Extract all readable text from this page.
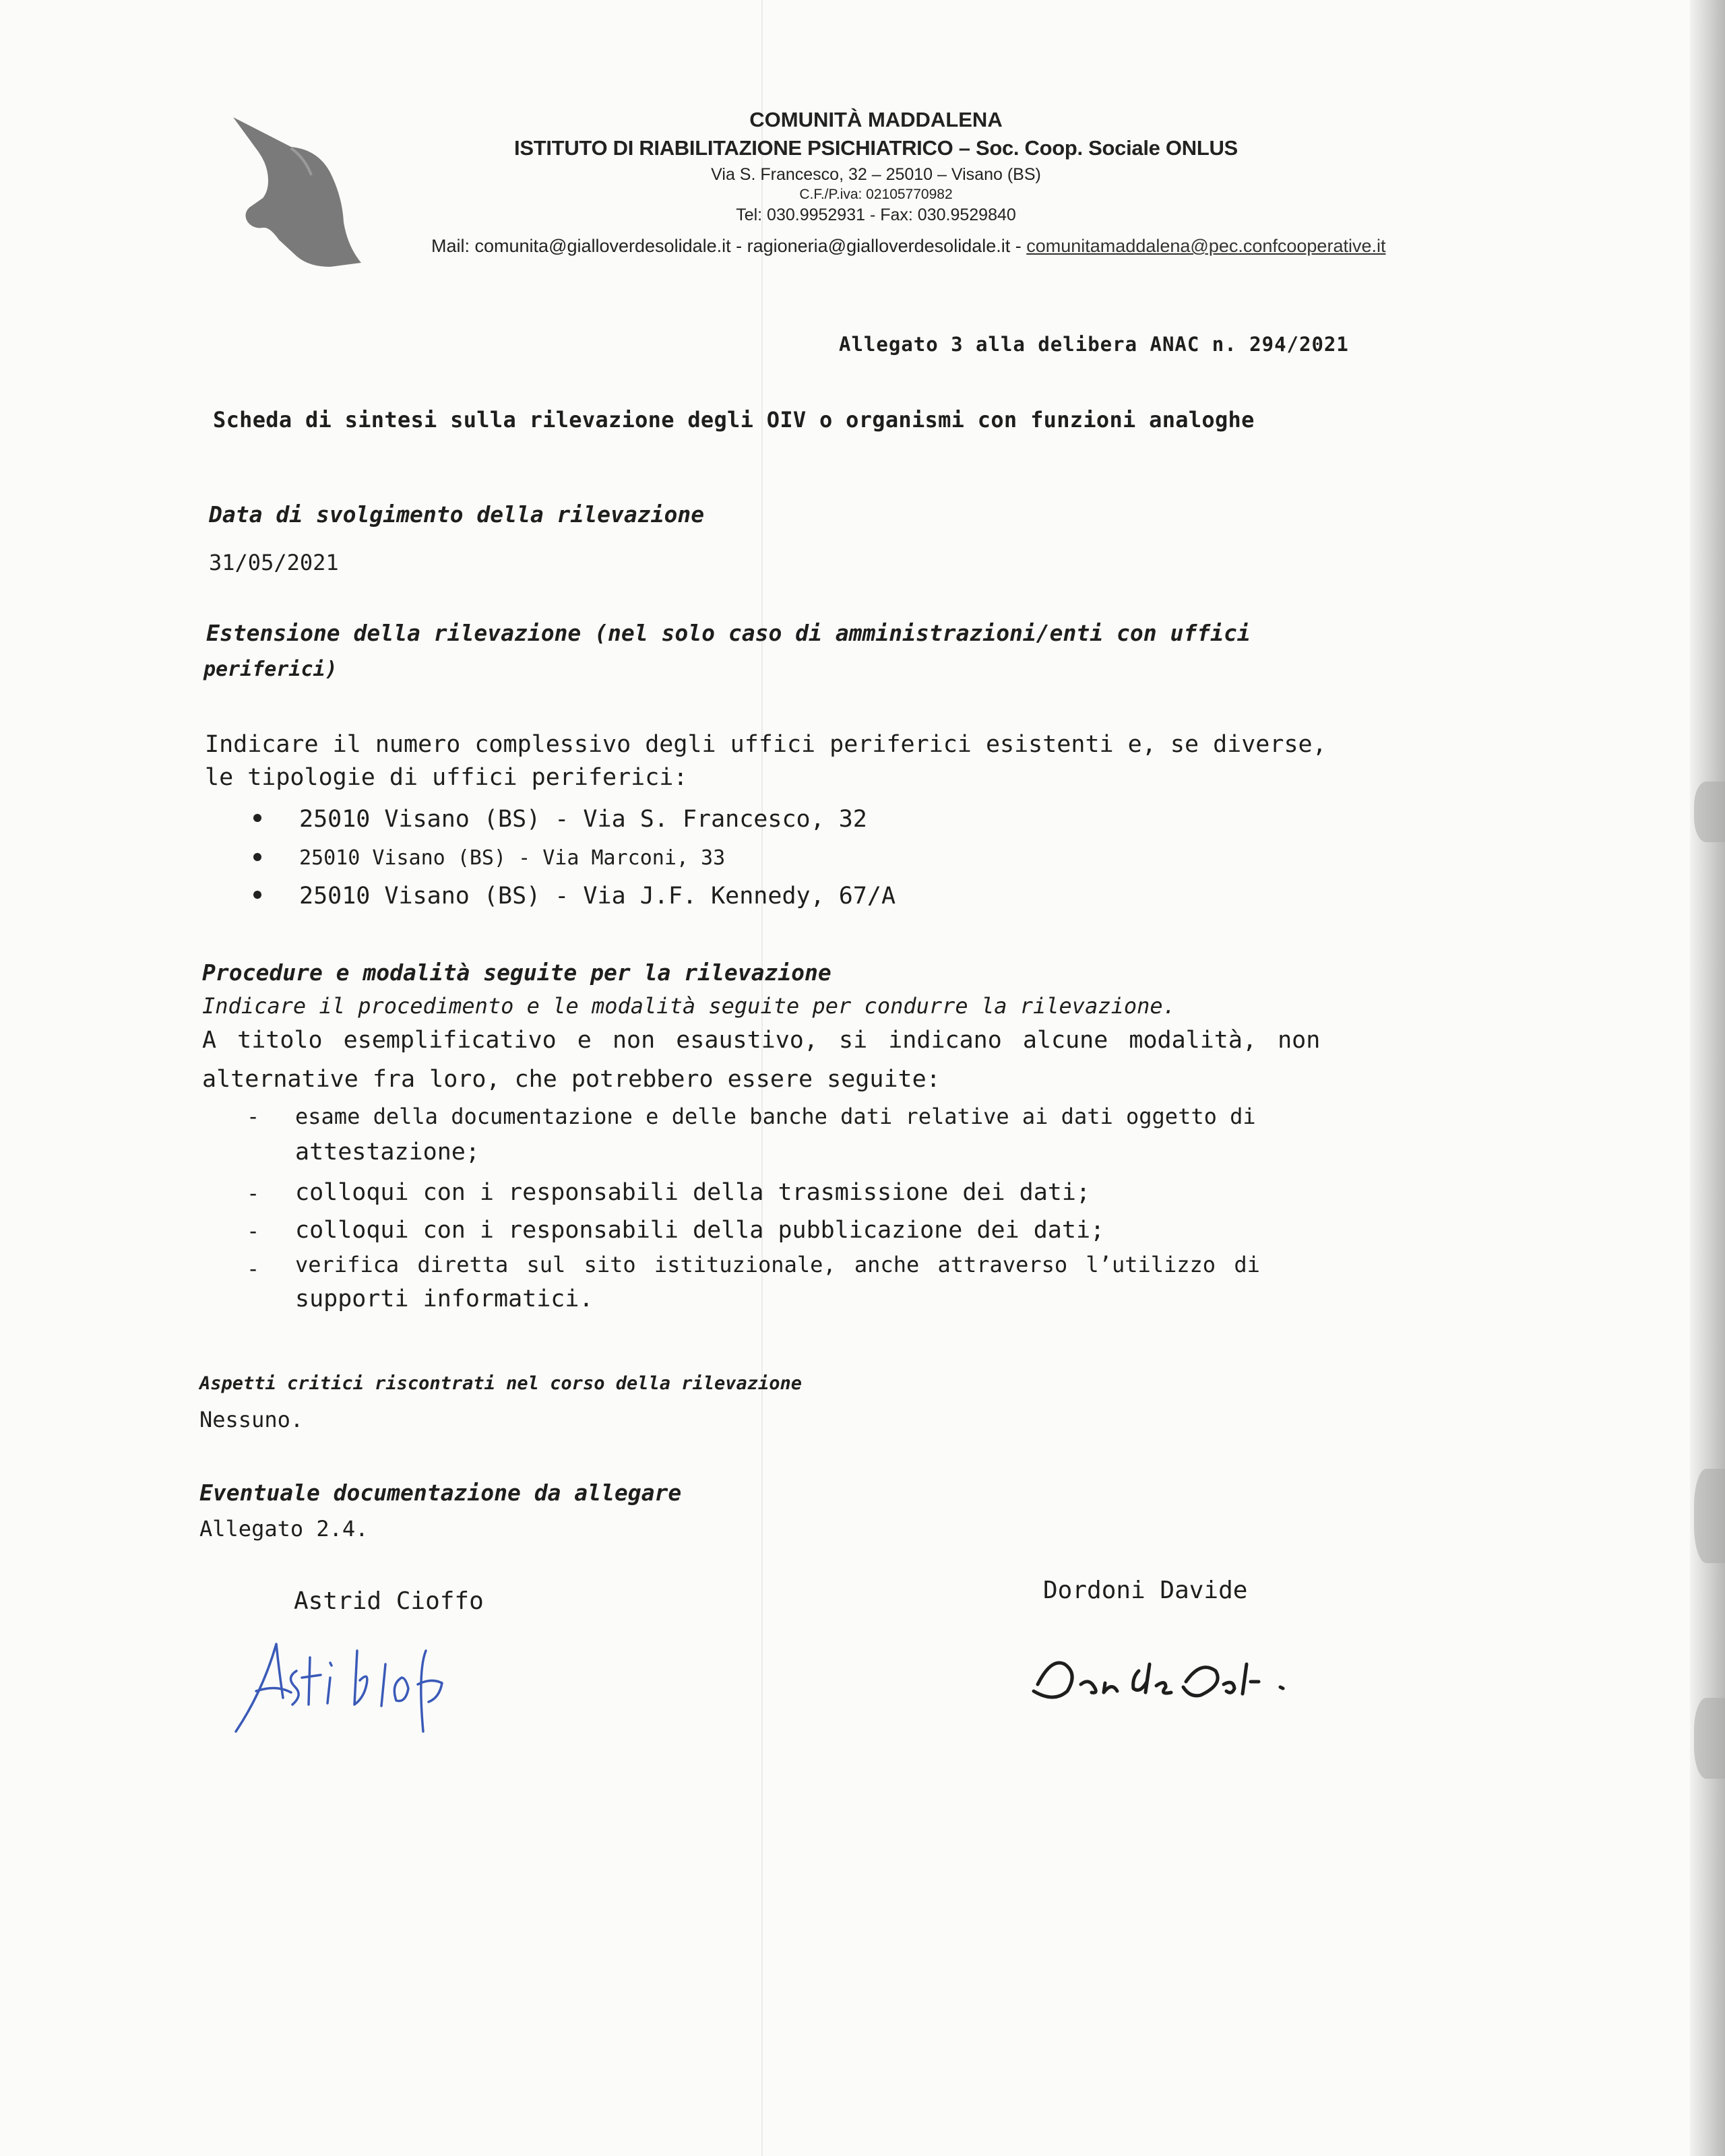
COMUNITÀ MADDALENA
ISTITUTO DI RIABILITAZIONE PSICHIATRICO – Soc. Coop. Sociale ONLUS
Via S. Francesco, 32 – 25010 – Visano (BS)
C.F./P.iva: 02105770982
Tel: 030.9952931 - Fax: 030.9529840
Mail: comunita@gialloverdesolidale.it - ragioneria@gialloverdesolidale.it - comunitamaddalena@pec.confcooperative.it
Allegato 3 alla delibera ANAC n. 294/2021
Scheda di sintesi sulla rilevazione degli OIV o organismi con funzioni analoghe
Data di svolgimento della rilevazione
31/05/2021
Estensione della rilevazione (nel solo caso di amministrazioni/enti con uffici
periferici)
Indicare il numero complessivo degli uffici periferici esistenti e, se diverse,
le tipologie di uffici periferici:
25010 Visano (BS) - Via S. Francesco, 32
25010 Visano (BS) - Via Marconi, 33
25010 Visano (BS) - Via J.F. Kennedy, 67/A
Procedure e modalità seguite per la rilevazione
Indicare il procedimento e le modalità seguite per condurre la rilevazione.
A titolo esemplificativo e non esaustivo, si indicano alcune modalità, non
alternative fra loro, che potrebbero essere seguite:
- esame della documentazione e delle banche dati relative ai dati oggetto di
attestazione;
- colloqui con i responsabili della trasmissione dei dati;
- colloqui con i responsabili della pubblicazione dei dati;
- verifica diretta sul sito istituzionale, anche attraverso l’utilizzo di
supporti informatici.
Aspetti critici riscontrati nel corso della rilevazione
Nessuno.
Eventuale documentazione da allegare
Allegato 2.4.
Astrid Cioffo	Dordoni Davide
